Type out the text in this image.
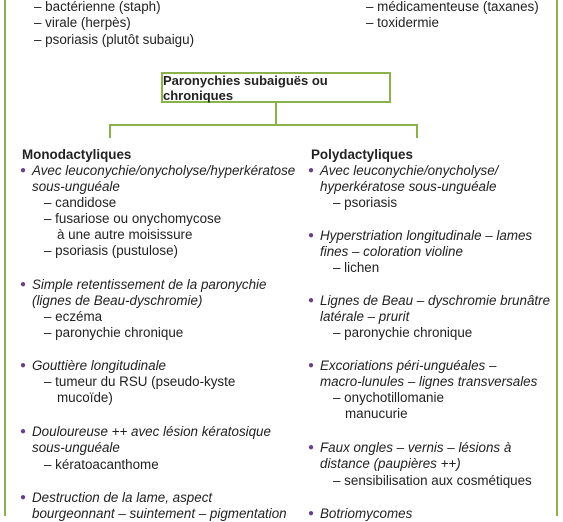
– bactérienne (staph)
– virale (herpès)
– psoriasis (plutôt subaigu)
– médicamenteuse (taxanes)
– toxidermie
Paronychies subaiguës ou chroniques
Monodactyliques
● Avec leuconychie/onycholyse/hyperkératose
sous-unguéale
– candidose
– fusariose ou onychomycose
à une autre moisissure
– psoriasis (pustulose)
● Simple retentissement de la paronychie
(lignes de Beau-dyschromie)
– eczéma
– paronychie chronique
● Gouttière longitudinale
– tumeur du RSU (pseudo-kyste
mucoïde)
● Douloureuse ++ avec lésion kératosique
sous-unguéale
– kératoacanthome
● Destruction de la lame, aspect
bourgeonnant – suintement – pigmentation
Polydactyliques
● Avec leuconychie/onycholyse/
hyperkératose sous-unguéale
– psoriasis
● Hyperstriation longitudinale – lames
fines – coloration violine
– lichen
● Lignes de Beau – dyschromie brunâtre
latérale – prurit
– paronychie chronique
● Excoriations péri-unguéales –
macro-lunules – lignes transversales
– onychotillomanie
manucurie
● Faux ongles – vernis – lésions à
distance (paupières ++)
– sensibilisation aux cosmétiques
● Botriomycomes
